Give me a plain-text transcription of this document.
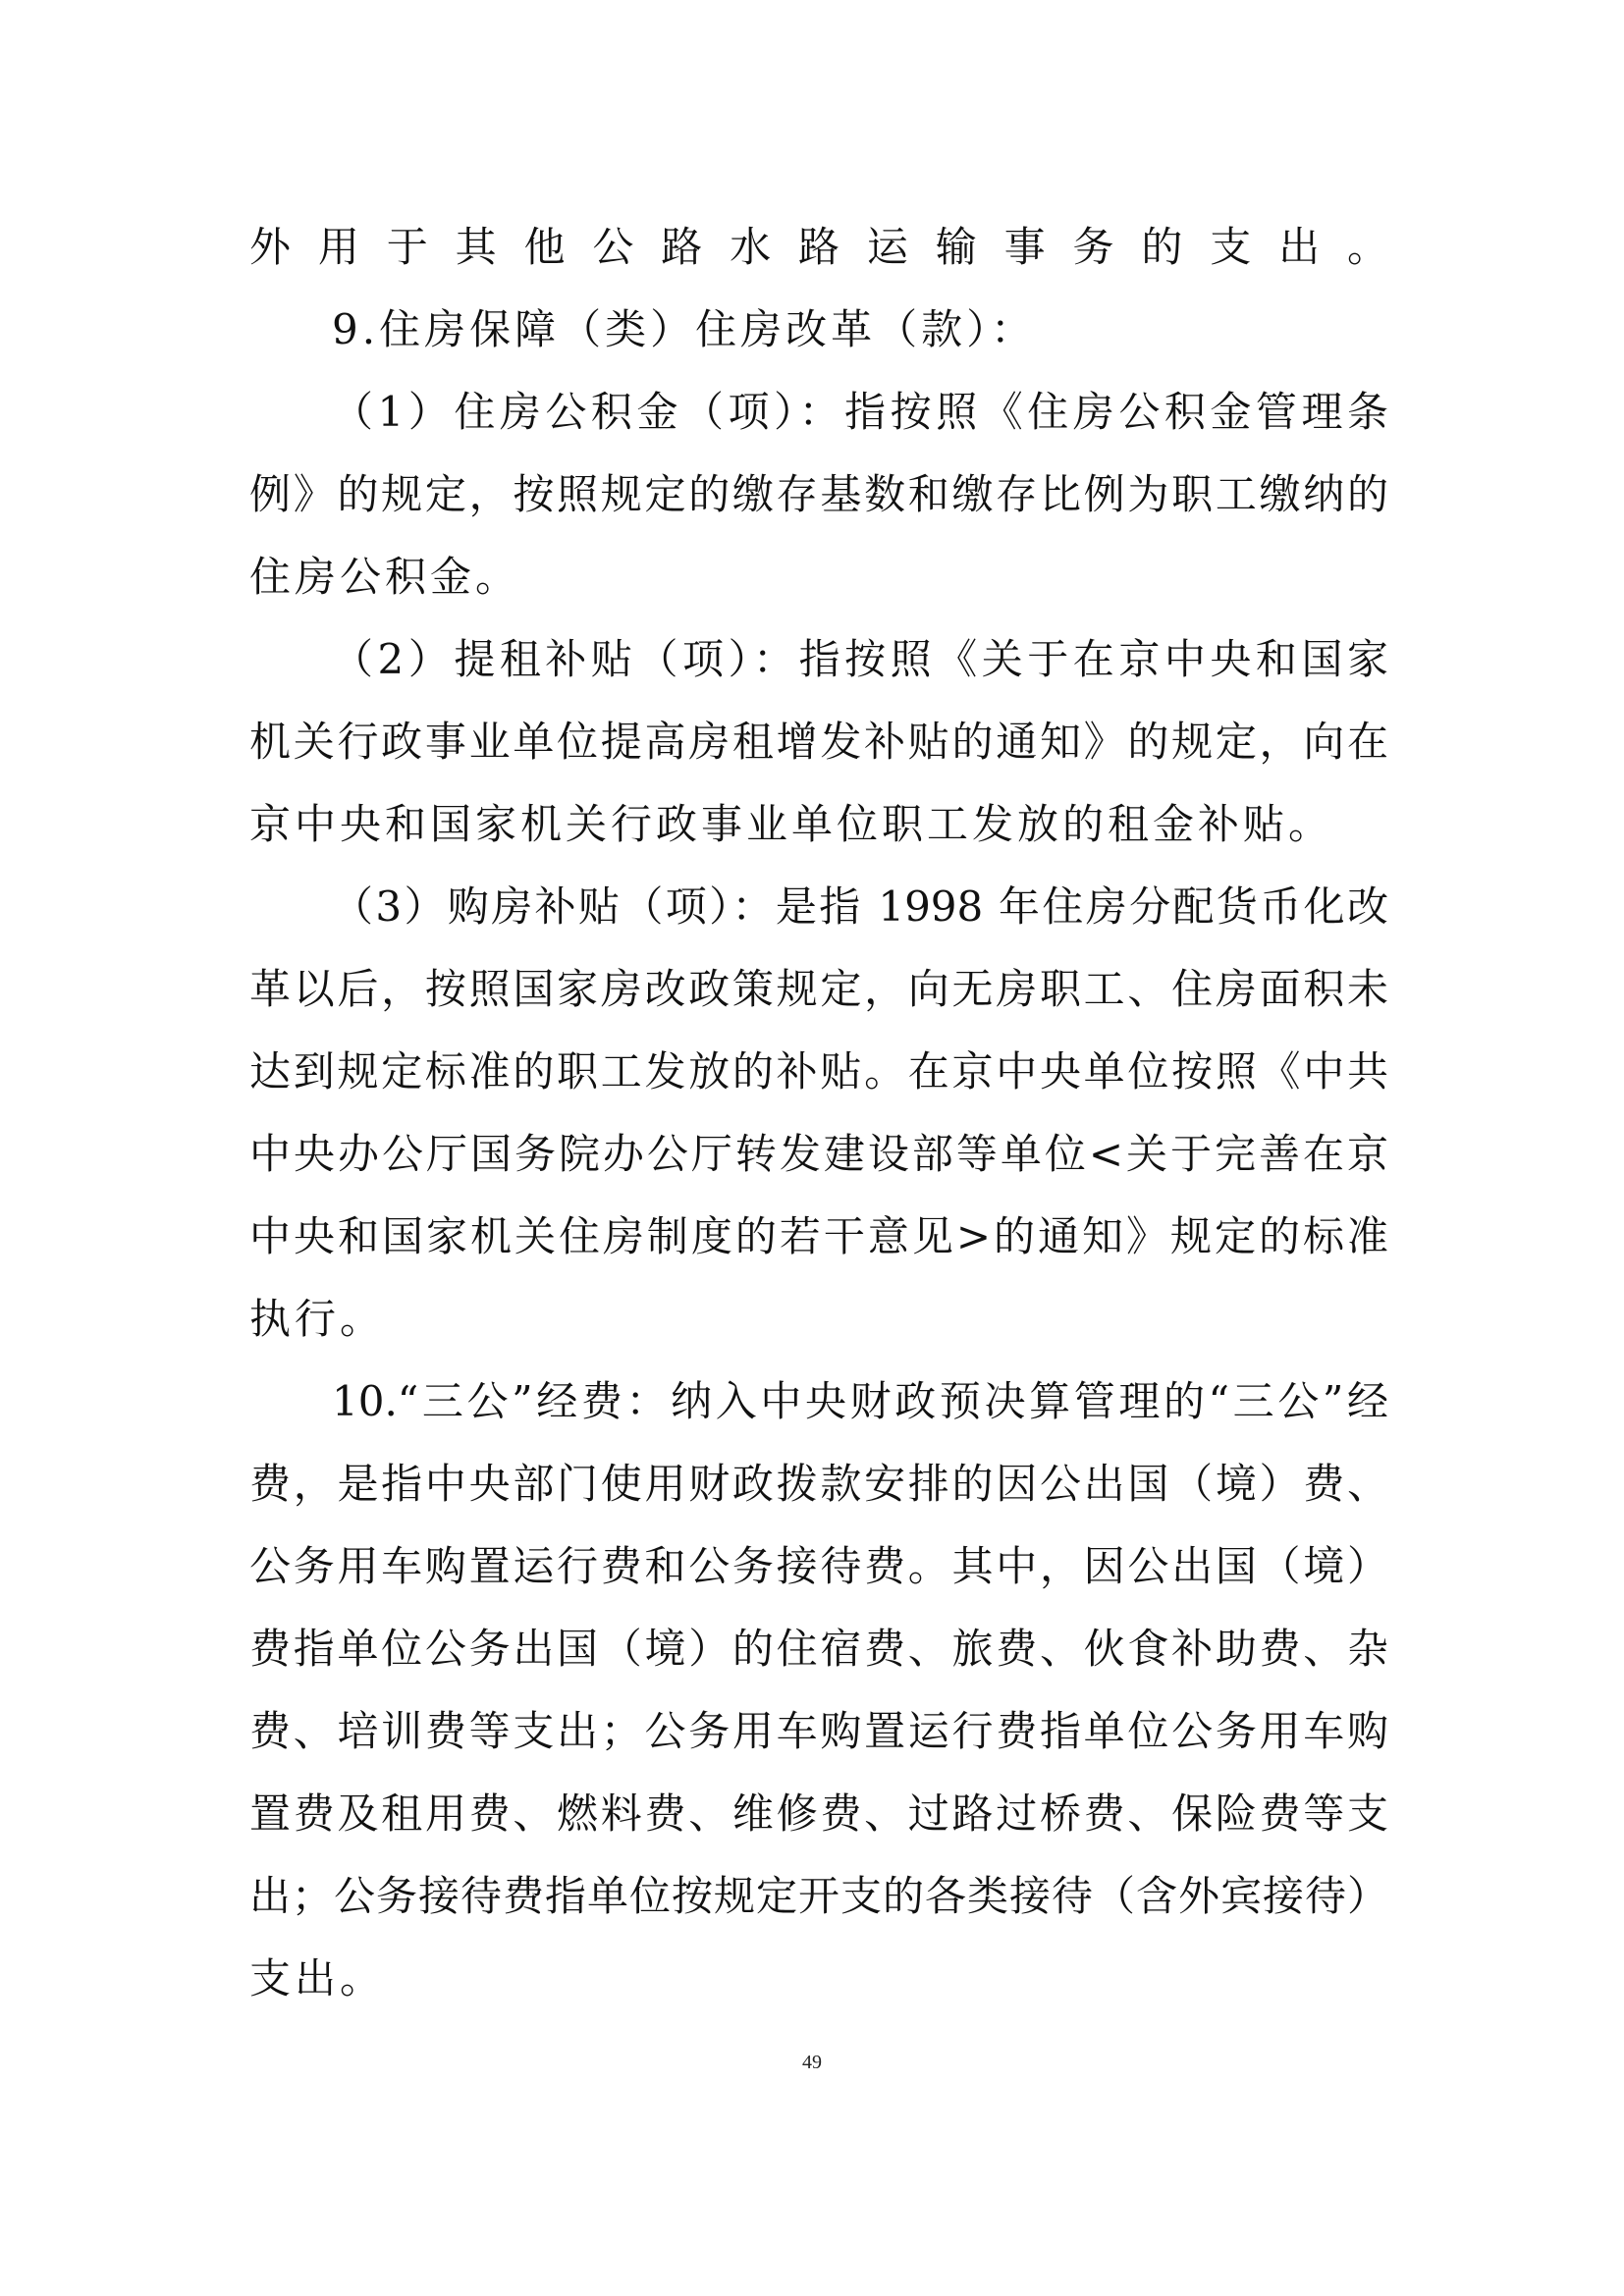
外用于其他公路水路运输事务的支出。
9.住房保障（类）住房改革（款）：
（1）住房公积金（项）：指按照《住房公积金管理条
例》的规定，按照规定的缴存基数和缴存比例为职工缴纳的
住房公积金。
（2）提租补贴（项）：指按照《关于在京中央和国家
机关行政事业单位提高房租增发补贴的通知》的规定，向在
京中央和国家机关行政事业单位职工发放的租金补贴。
（3）购房补贴（项）：是指 1998 年住房分配货币化改
革以后，按照国家房改政策规定，向无房职工、住房面积未
达到规定标准的职工发放的补贴。在京中央单位按照《中共
中央办公厅国务院办公厅转发建设部等单位<关于完善在京
中央和国家机关住房制度的若干意见>的通知》规定的标准
执行。
10.“三公”经费：纳入中央财政预决算管理的“三公”经
费，是指中央部门使用财政拨款安排的因公出国（境）费、
公务用车购置运行费和公务接待费。其中，因公出国（境）
费指单位公务出国（境）的住宿费、旅费、伙食补助费、杂
费、培训费等支出；公务用车购置运行费指单位公务用车购
置费及租用费、燃料费、维修费、过路过桥费、保险费等支
出；公务接待费指单位按规定开支的各类接待（含外宾接待）
支出。
49
